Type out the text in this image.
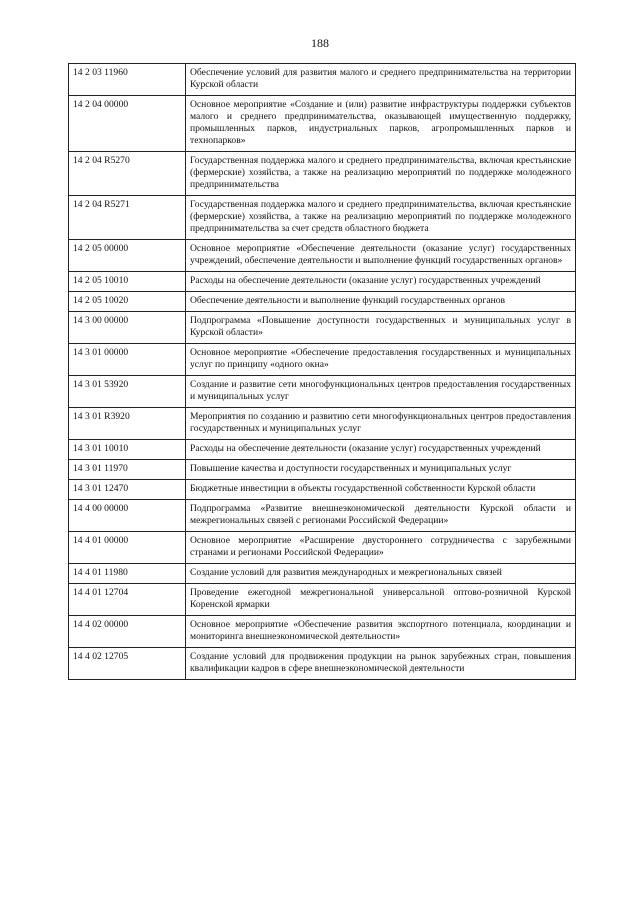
188
14 2 03 11960	Обеспечение условий для развития малого и среднего предпринимательства на территории Курской области
14 2 04 00000	Основное мероприятие «Создание и (или) развитие инфраструктуры поддержки субъектов малого и среднего предпринимательства, оказывающей имущественную поддержку, промышленных парков, индустриальных парков, агропромышленных парков и технопарков»
14 2 04 R5270	Государственная поддержка малого и среднего предпринимательства, включая крестьянские (фермерские) хозяйства, а также на реализацию мероприятий по поддержке молодежного предпринимательства
14 2 04 R5271	Государственная поддержка малого и среднего предпринимательства, включая крестьянские (фермерские) хозяйства, а также на реализацию мероприятий по поддержке молодежного предпринимательства за счет средств областного бюджета
14 2 05 00000	Основное мероприятие «Обеспечение деятельности (оказание услуг) государственных учреждений, обеспечение деятельности и выполнение функций государственных органов»
14 2 05 10010	Расходы на обеспечение деятельности (оказание услуг) государственных учреждений
14 2 05 10020	Обеспечение деятельности и выполнение функций государственных органов
14 3 00 00000	Подпрограмма «Повышение доступности государственных и муниципальных услуг в Курской области»
14 3 01 00000	Основное мероприятие «Обеспечение предоставления государственных и муниципальных услуг по принципу «одного окна»
14 3 01 53920	Создание и развитие сети многофункциональных центров предоставления государственных и муниципальных услуг
14 3 01 R3920	Мероприятия по созданию и развитию сети многофункциональных центров предоставления государственных и муниципальных услуг
14 3 01 10010	Расходы на обеспечение деятельности (оказание услуг) государственных учреждений
14 3 01 11970	Повышение качества и доступности государственных и муниципальных услуг
14 3 01 12470	Бюджетные инвестиции в объекты государственной собственности Курской области
14 4 00 00000	Подпрограмма «Развитие внешнеэкономической деятельности Курской области и межрегиональных связей с регионами Российской Федерации»
14 4 01 00000	Основное мероприятие «Расширение двустороннего сотрудничества с зарубежными странами и регионами Российской Федерации»
14 4 01 11980	Создание условий для развития международных и межрегиональных связей
14 4 01 12704	Проведение ежегодной межрегиональной универсальной оптово-розничной Курской Коренской ярмарки
14 4 02 00000	Основное мероприятие «Обеспечение развития экспортного потенциала, координации и мониторинга внешнеэкономической деятельности»
14 4 02 12705	Создание условий для продвижения продукции на рынок зарубежных стран, повышения квалификации кадров в сфере внешнеэкономической деятельности
